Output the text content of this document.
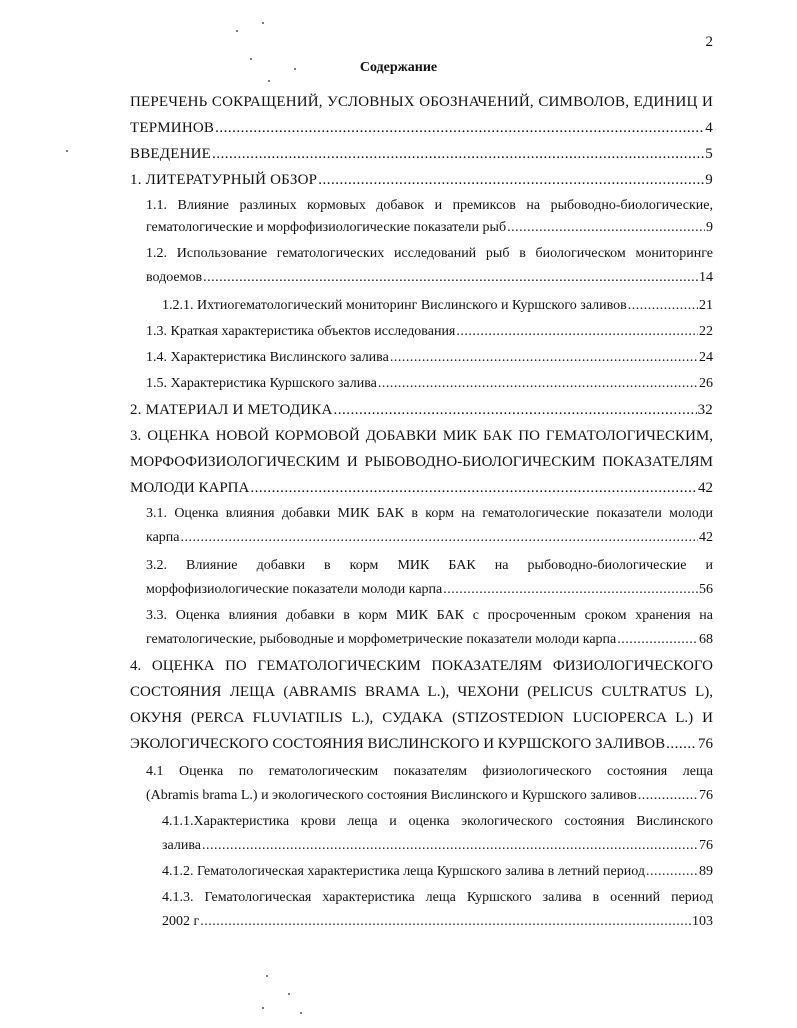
2
Содержание
ПЕРЕЧЕНЬ СОКРАЩЕНИЙ, УСЛОВНЫХ ОБОЗНАЧЕНИЙ, СИМВОЛОВ, ЕДИНИЦ И
ТЕРМИНОВ .....	4
ВВЕДЕНИЕ .....	5
1. ЛИТЕРАТУРНЫЙ ОБЗОР .....	9
1.1. Влияние разлиных кормовых добавок и премиксов на рыбоводно-биологические,
гематологические и морфофизиологические показатели рыб .....	9
1.2. Использование гематологических исследований рыб в биологическом мониторинге
водоемов .....	14
1.2.1. Ихтиогематологический мониторинг Вислинского и Куршского заливов .....	21
1.3. Краткая характеристика объектов исследования .....	22
1.4. Характеристика Вислинского залива .....	24
1.5. Характеристика Куршского залива .....	26
2. МАТЕРИАЛ И МЕТОДИКА .....	32
3. ОЦЕНКА НОВОЙ КОРМОВОЙ ДОБАВКИ МИК БАК ПО ГЕМАТОЛОГИЧЕСКИМ,
МОРФОФИЗИОЛОГИЧЕСКИМ И РЫБОВОДНО-БИОЛОГИЧЕСКИМ ПОКАЗАТЕЛЯМ
МОЛОДИ КАРПА .....	42
3.1. Оценка влияния добавки МИК БАК в корм на гематологические показатели молоди
карпа .....	42
3.2. Влияние добавки в корм МИК БАК на рыбоводно-биологические и
морфофизиологические показатели молоди карпа .....	56
3.3. Оценка влияния добавки в корм МИК БАК с просроченным сроком хранения на
гематологические, рыбоводные и морфометрические показатели молоди карпа .....	68
4. ОЦЕНКА ПО ГЕМАТОЛОГИЧЕСКИМ ПОКАЗАТЕЛЯМ ФИЗИОЛОГИЧЕСКОГО
СОСТОЯНИЯ ЛЕЩА (ABRAMIS BRAMA L.), ЧЕХОНИ (PELICUS CULTRATUS L),
ОКУНЯ (PERCA FLUVIATILIS L.), СУДАКА (STIZOSTEDION LUCIOPERCA L.) И
ЭКОЛОГИЧЕСКОГО СОСТОЯНИЯ ВИСЛИНСКОГО И КУРШСКОГО ЗАЛИВОВ ..... 76
4.1 Оценка по гематологическим показателям физиологического состояния леща
(Abramis brama L.) и экологического состояния Вислинского и Куршского заливов .....	76
4.1.1.Характеристика крови леща и оценка экологического состояния Вислинского
залива .....	76
4.1.2. Гематологическая характеристика леща Куршского залива в летний период .....	89
4.1.3. Гематологическая характеристика леща Куршского залива в осенний период
2002 г .....	103
